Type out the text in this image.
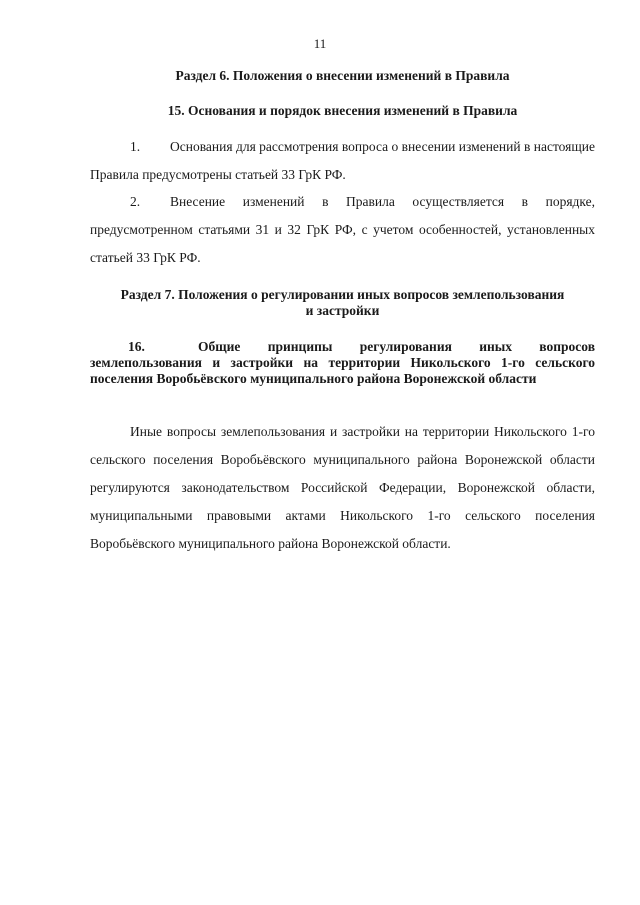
11
Раздел 6. Положения о внесении изменений в Правила
15. Основания и порядок внесения изменений в Правила

1. Основания для рассмотрения вопроса о внесении изменений в настоящие Правила предусмотрены статьей 33 ГрК РФ.

2. Внесение изменений в Правила осуществляется в порядке, предусмотренном статьями 31 и 32 ГрК РФ, с учетом особенностей, установленных статьей 33 ГрК РФ.

Раздел 7. Положения о регулировании иных вопросов землепользования
и застройки
16.	Общие принципы регулирования иных вопросов землепользования и застройки на территории Никольского 1-го сельского поселения Воробьёвского муниципального района Воронежской области

Иные вопросы землепользования и застройки на территории Никольского 1-го сельского поселения Воробьёвского муниципального района Воронежской области регулируются законодательством Российской Федерации, Воронежской области, муниципальными правовыми актами Никольского 1-го сельского поселения Воробьёвского муниципального района Воронежской области.
